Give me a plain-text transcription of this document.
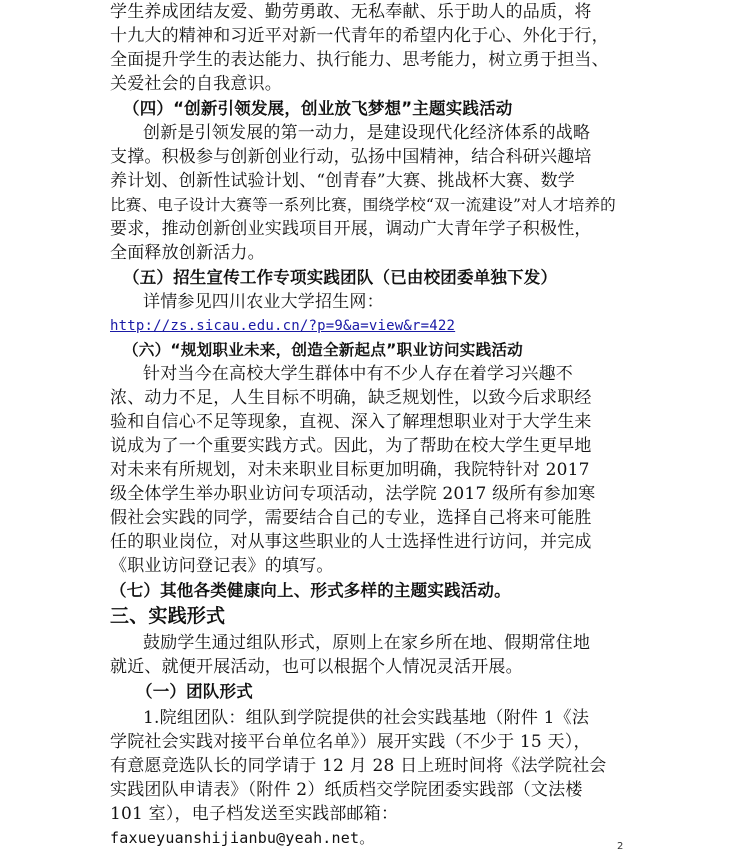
学生养成团结友爱、勤劳勇敢、无私奉献、乐于助人的品质，将
十九大的精神和习近平对新一代青年的希望内化于心、外化于行，
全面提升学生的表达能力、执行能力、思考能力，树立勇于担当、
关爱社会的自我意识。
（四）“创新引领发展，创业放飞梦想”主题实践活动
创新是引领发展的第一动力，是建设现代化经济体系的战略
支撑。积极参与创新创业行动，弘扬中国精神，结合科研兴趣培
养计划、创新性试验计划、“创青春”大赛、挑战杯大赛、数学
比赛、电子设计大赛等一系列比赛，围绕学校“双一流建设”对人才培养的
要求，推动创新创业实践项目开展，调动广大青年学子积极性，
全面释放创新活力。
（五）招生宣传工作专项实践团队（已由校团委单独下发）
详情参见四川农业大学招生网：
http://zs.sicau.edu.cn/?p=9&a=view&r=422
（六）“规划职业未来，创造全新起点”职业访问实践活动
针对当今在高校大学生群体中有不少人存在着学习兴趣不
浓、动力不足，人生目标不明确，缺乏规划性，以致今后求职经
验和自信心不足等现象，直视、深入了解理想职业对于大学生来
说成为了一个重要实践方式。因此，为了帮助在校大学生更早地
对未来有所规划，对未来职业目标更加明确，我院特针对 2017
级全体学生举办职业访问专项活动，法学院 2017 级所有参加寒
假社会实践的同学，需要结合自己的专业，选择自己将来可能胜
任的职业岗位，对从事这些职业的人士选择性进行访问，并完成
《职业访问登记表》的填写。
（七）其他各类健康向上、形式多样的主题实践活动。
三、实践形式
鼓励学生通过组队形式，原则上在家乡所在地、假期常住地
就近、就便开展活动，也可以根据个人情况灵活开展。
（一）团队形式
1.院组团队：组队到学院提供的社会实践基地（附件 1《法
学院社会实践对接平台单位名单》）展开实践（不少于 15 天），
有意愿竞选队长的同学请于 12 月 28 日上班时间将《法学院社会
实践团队申请表》（附件 2）纸质档交学院团委实践部（文法楼
101 室），电子档发送至实践部邮箱：
faxueyuanshijianbu@yeah.net。	2
